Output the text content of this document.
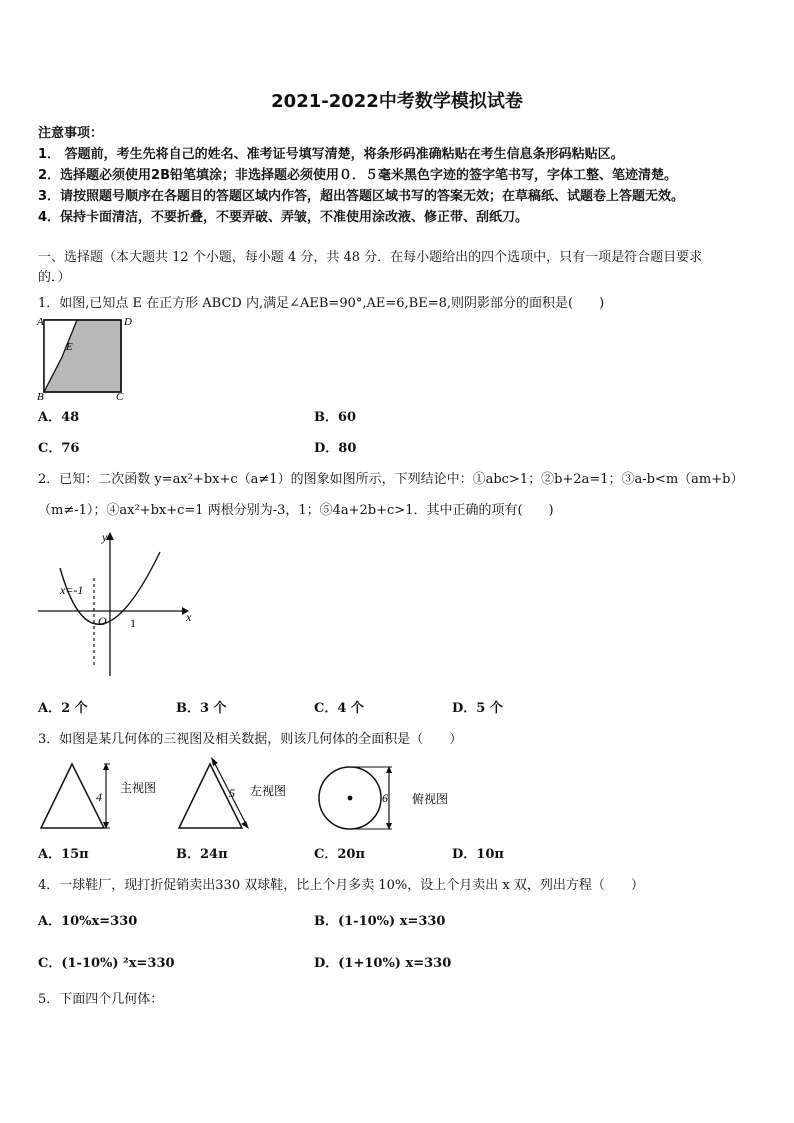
2021-2022中考数学模拟试卷
注意事项：
1． 答题前，考生先将自己的姓名、准考证号填写清楚，将条形码准确粘贴在考生信息条形码粘贴区。
2．选择题必须使用2B铅笔填涂；非选择题必须使用０．５毫米黑色字迹的签字笔书写，字体工整、笔迹清楚。
3．请按照题号顺序在各题目的答题区域内作答，超出答题区域书写的答案无效；在草稿纸、试题卷上答题无效。
4．保持卡面清洁，不要折叠，不要弄破、弄皱，不准使用涂改液、修正带、刮纸刀。
一、选择题（本大题共 12 个小题，每小题 4 分，共 48 分．在每小题给出的四个选项中，只有一项是符合题目要求
的．）
1．如图,已知点 E 在正方形 ABCD 内,满足∠AEB=90°,AE=6,BE=8,则阴影部分的面积是(　　)
A	D
B	C
E
A．48	B．60
C．76	D．80
2．已知：二次函数 y=ax²+bx+c（a≠1）的图象如图所示，下列结论中：①abc>1；②b+2a=1；③a-b<m（am+b）
（m≠-1）；④ax²+bx+c=1 两根分别为-3，1；⑤4a+2b+c>1．其中正确的项有(　　)
y
x
O 1
x=-1
A．2 个	B．3 个	C．4 个	D．5 个
3．如图是某几何体的三视图及相关数据，则该几何体的全面积是（　　）
4
主视图	5 左视图	6 俯视图
A．15π	B．24π	C．20π	D．10π
4．一球鞋厂，现打折促销卖出330 双球鞋，比上个月多卖 10%，设上个月卖出 x 双，列出方程（　　）
A．10%x=330	B．(1-10%) x=330
C．(1-10%) ²x=330	D．(1+10%) x=330
5．下面四个几何体：
